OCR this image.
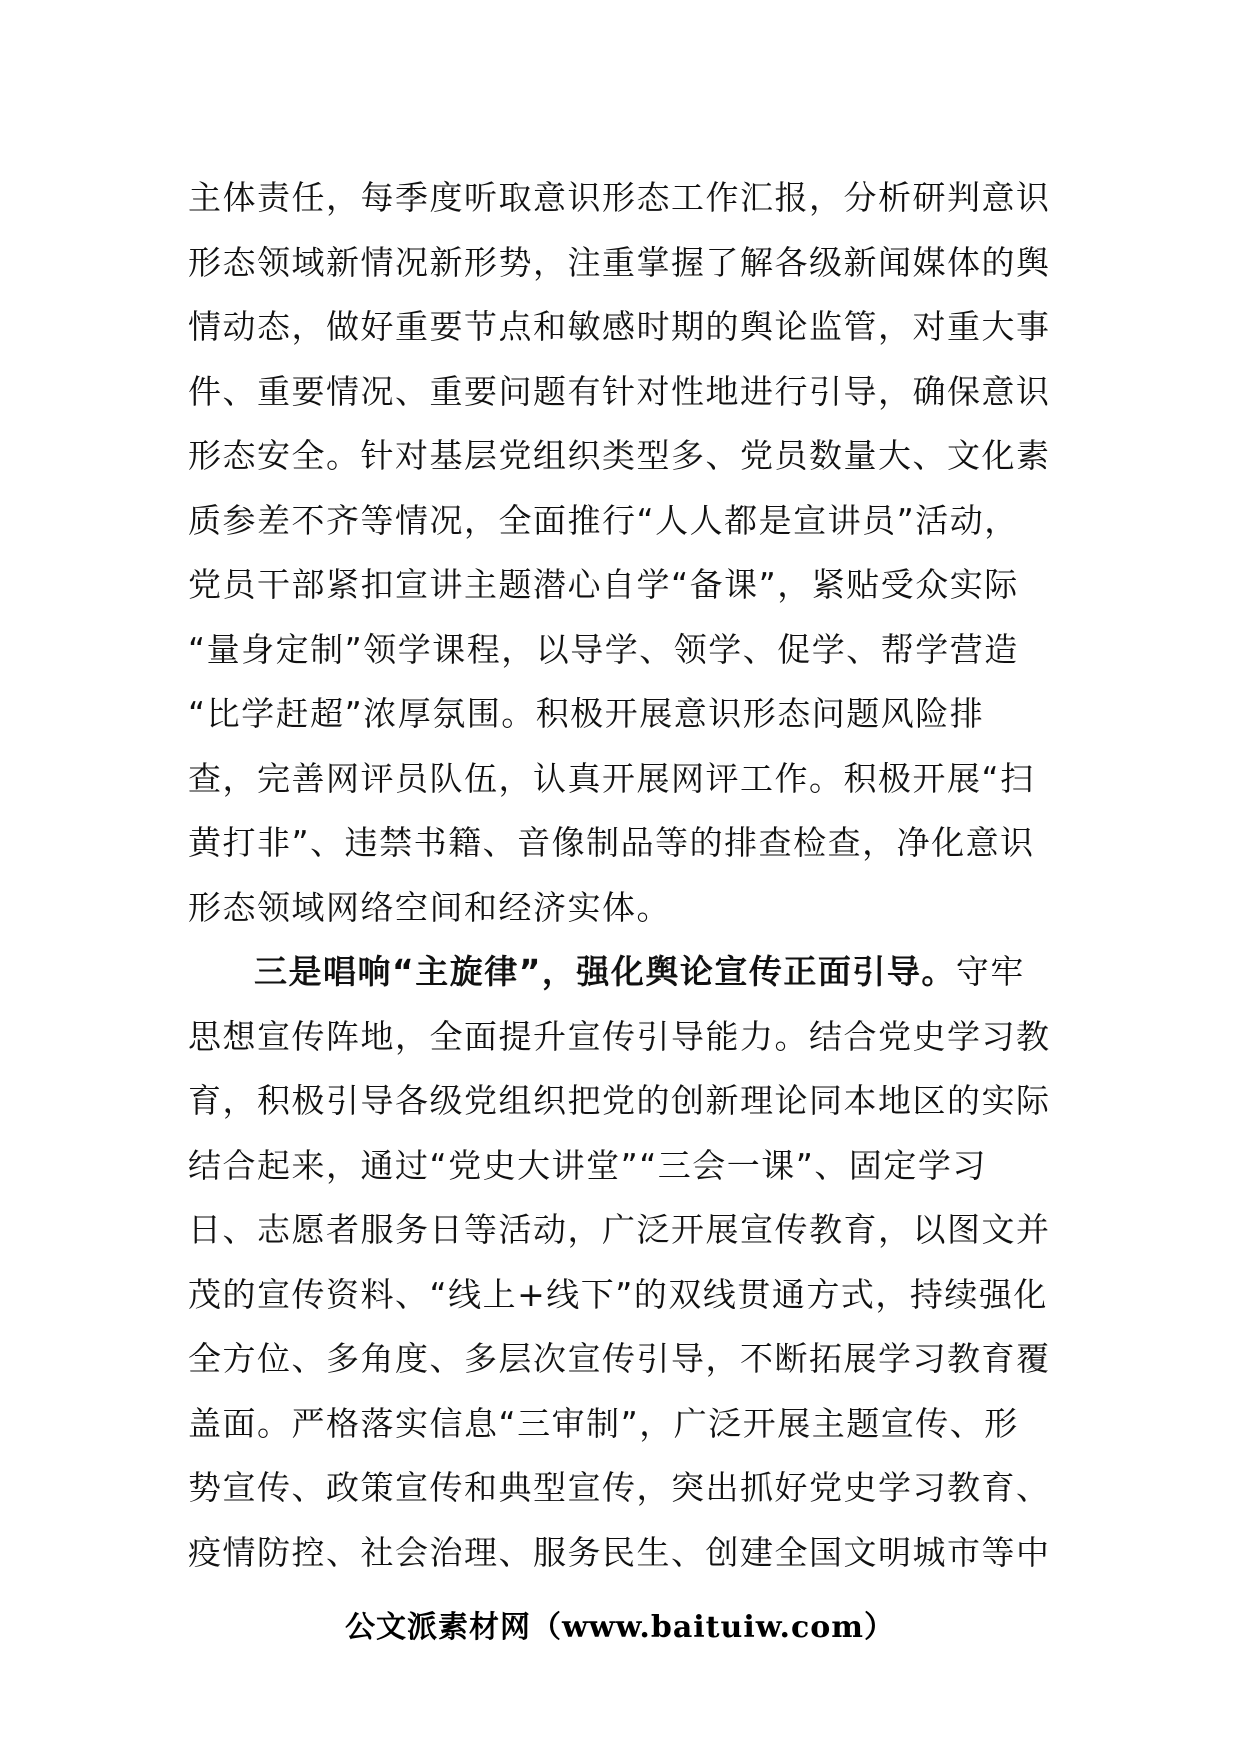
主体责任，每季度听取意识形态工作汇报，分析研判意识
形态领域新情况新形势，注重掌握了解各级新闻媒体的舆
情动态，做好重要节点和敏感时期的舆论监管，对重大事
件、重要情况、重要问题有针对性地进行引导，确保意识
形态安全。针对基层党组织类型多、党员数量大、文化素
质参差不齐等情况，全面推行“人人都是宣讲员”活动，
党员干部紧扣宣讲主题潜心自学“备课”，紧贴受众实际
“量身定制”领学课程，以导学、领学、促学、帮学营造
“比学赶超”浓厚氛围。积极开展意识形态问题风险排
查，完善网评员队伍，认真开展网评工作。积极开展“扫
黄打非”、违禁书籍、音像制品等的排查检查，净化意识
形态领域网络空间和经济实体。
三是唱响“主旋律”，强化舆论宣传正面引导。守牢
思想宣传阵地，全面提升宣传引导能力。结合党史学习教
育，积极引导各级党组织把党的创新理论同本地区的实际
结合起来，通过“党史大讲堂”“三会一课”、固定学习
日、志愿者服务日等活动，广泛开展宣传教育，以图文并
茂的宣传资料、“线上+线下”的双线贯通方式，持续强化
全方位、多角度、多层次宣传引导，不断拓展学习教育覆
盖面。严格落实信息“三审制”，广泛开展主题宣传、形
势宣传、政策宣传和典型宣传，突出抓好党史学习教育、
疫情防控、社会治理、服务民生、创建全国文明城市等中
公文派素材网（www.baituiw.com）
